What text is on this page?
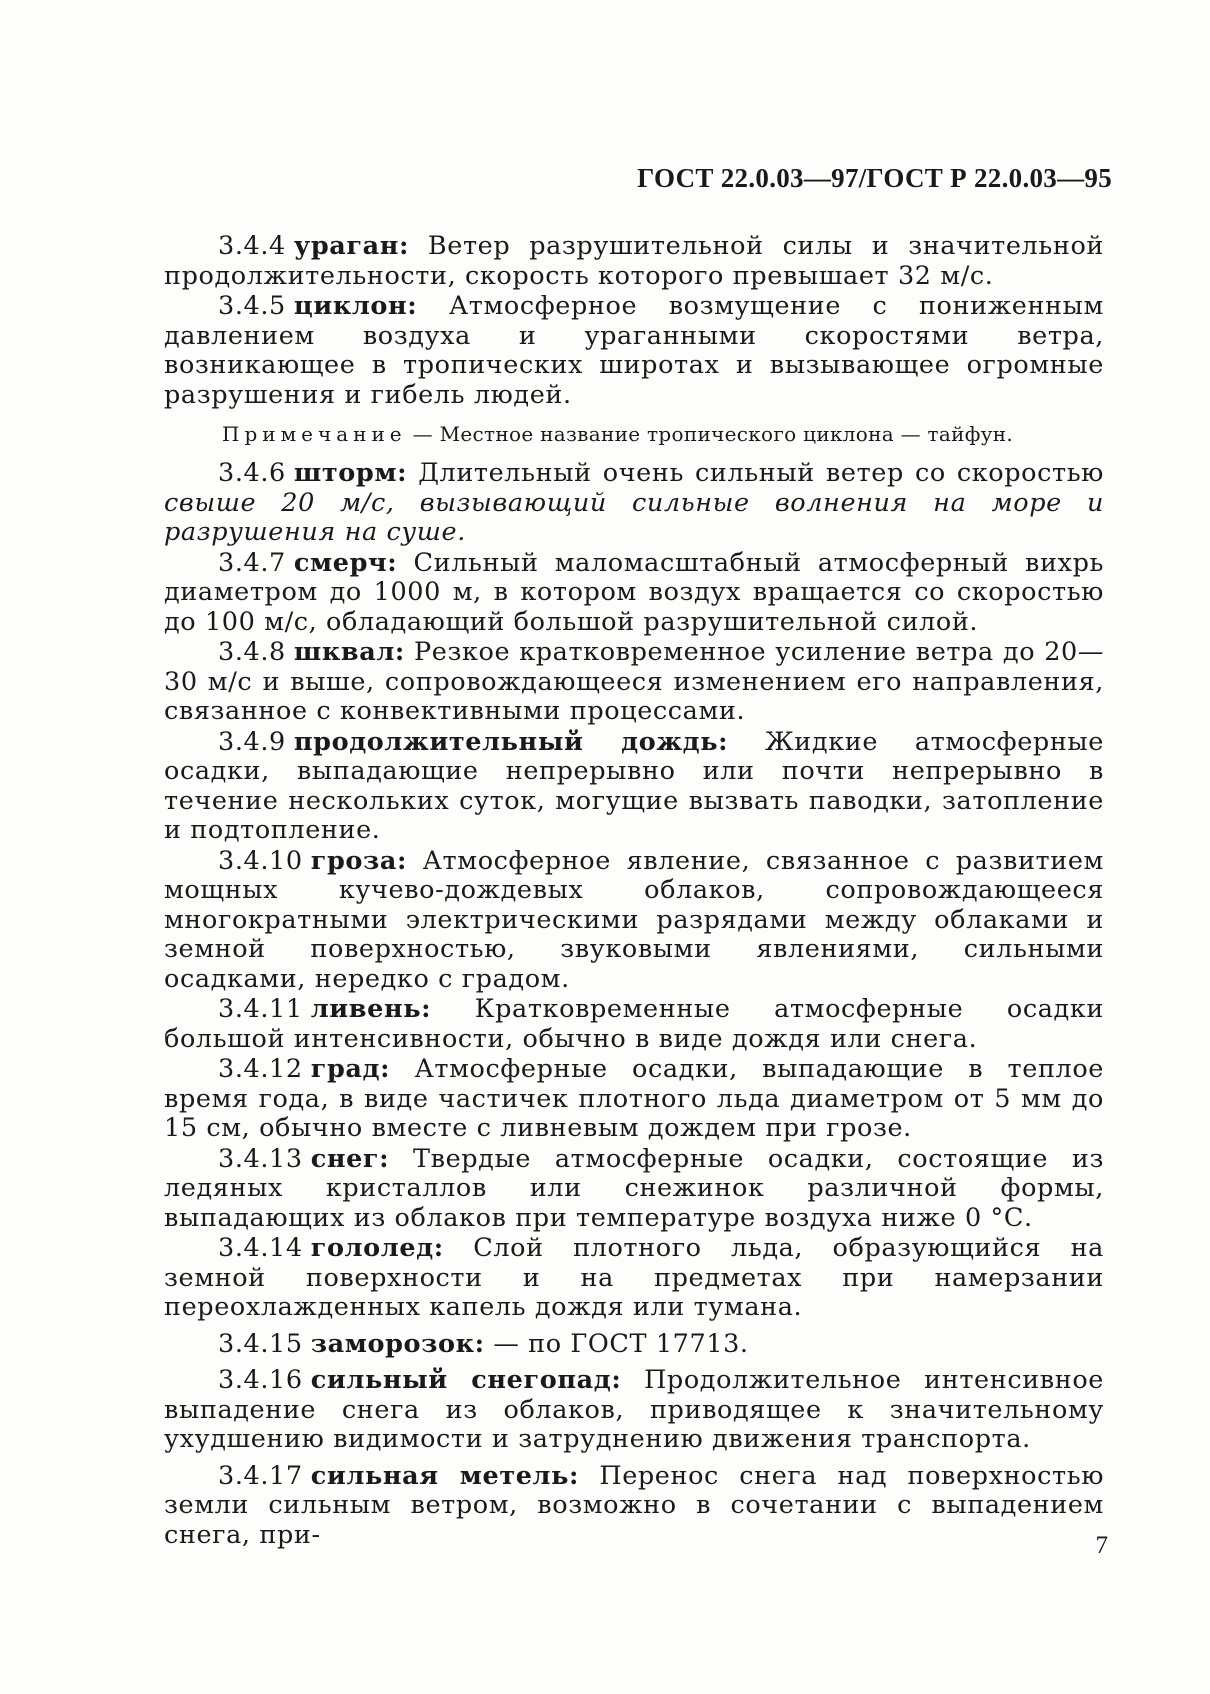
ГОСТ 22.0.03—97/ГОСТ Р 22.0.03—95

3.4.4 ураган: Ветер разрушительной силы и значительной продолжительности, скорость которого превышает 32 м/с.

3.4.5 циклон: Атмосферное возмущение с пониженным давлением воздуха и ураганными скоростями ветра, возникающее в тропических широтах и вызывающее огромные разрушения и гибель людей.

Примечание — Местное название тропического циклона — тайфун.

3.4.6 шторм: Длительный очень сильный ветер со скоростью свыше 20 м/с, вызывающий сильные волнения на море и разрушения на суше.

3.4.7 смерч: Сильный маломасштабный атмосферный вихрь диаметром до 1000 м, в котором воздух вращается со скоростью до 100 м/с, обладающий большой разрушительной силой.

3.4.8 шквал: Резкое кратковременное усиление ветра до 20—30 м/с и выше, сопровождающееся изменением его направления, связанное с конвективными процессами.

3.4.9 продолжительный дождь: Жидкие атмосферные осадки, выпадающие непрерывно или почти непрерывно в течение нескольких суток, могущие вызвать паводки, затопление и подтопление.

3.4.10 гроза: Атмосферное явление, связанное с развитием мощных кучево-дождевых облаков, сопровождающееся многократными электрическими разрядами между облаками и земной поверхностью, звуковыми явлениями, сильными осадками, нередко с градом.

3.4.11 ливень: Кратковременные атмосферные осадки большой интенсивности, обычно в виде дождя или снега.

3.4.12 град: Атмосферные осадки, выпадающие в теплое время года, в виде частичек плотного льда диаметром от 5 мм до 15 см, обычно вместе с ливневым дождем при грозе.

3.4.13 снег: Твердые атмосферные осадки, состоящие из ледяных кристаллов или снежинок различной формы, выпадающих из облаков при температуре воздуха ниже 0 °С.

3.4.14 гололед: Слой плотного льда, образующийся на земной поверхности и на предметах при намерзании переохлажденных капель дождя или тумана.

3.4.15 заморозок: — по ГОСТ 17713.

3.4.16 сильный снегопад: Продолжительное интенсивное выпадение снега из облаков, приводящее к значительному ухудшению видимости и затруднению движения транспорта.

3.4.17 сильная метель: Перенос снега над поверхностью земли сильным ветром, возможно в сочетании с выпадением снега, при-	7
